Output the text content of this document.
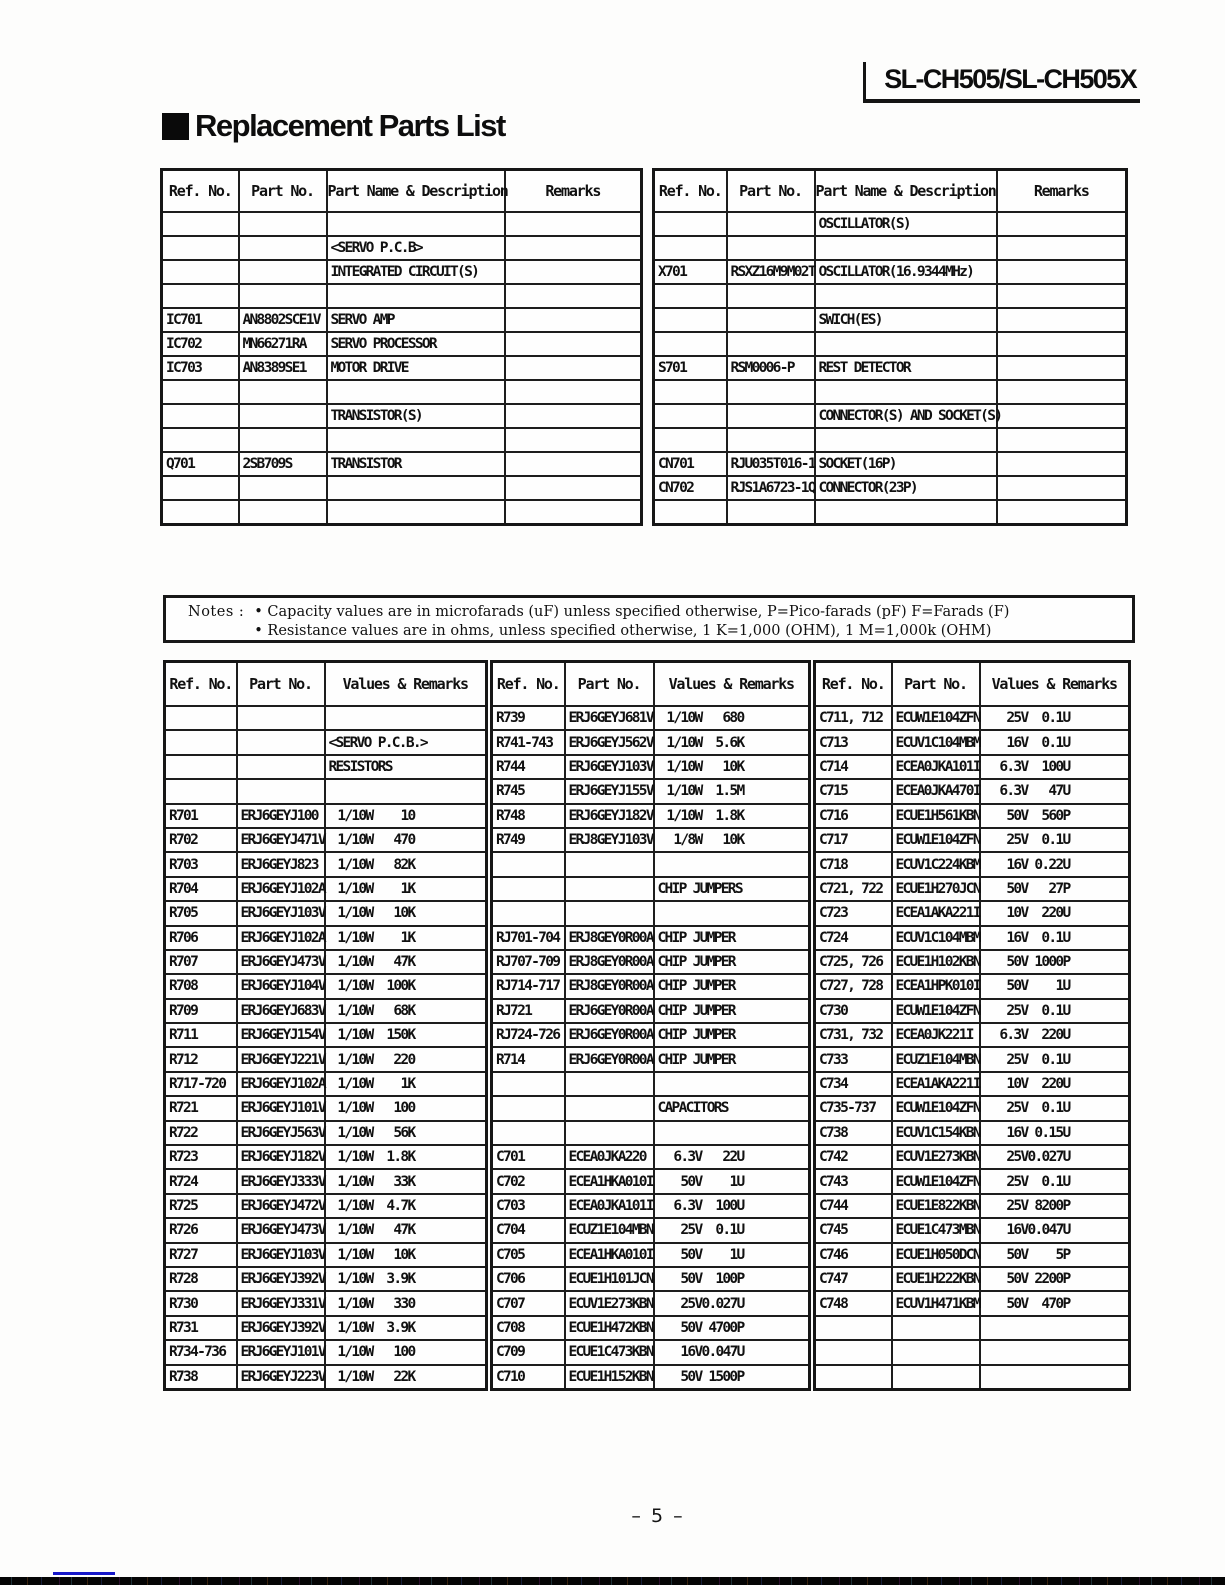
SL-CH505/SL-CH505X
Replacement Parts List
Ref. No.	Part No.	Part Name & Description	Remarks

		<SERVO P.C.B>	
		INTEGRATED CIRCUIT(S)	

IC701	AN8802SCE1V	SERVO AMP	
IC702	MN66271RA	SERVO PROCESSOR	
IC703	AN8389SE1	MOTOR DRIVE	

		TRANSISTOR(S)	

Q701	2SB709S	TRANSISTOR	

Ref. No.	Part No.	Part Name & Description	Remarks
		OSCILLATOR(S)	

X701	RSXZ16M9M02T	OSCILLATOR(16.9344MHz)	

		SWICH(ES)	

S701	RSM0006-P	REST DETECTOR	

		CONNECTOR(S) AND SOCKET(S)	

CN701	RJU035T016-1	SOCKET(16P)	
CN702	RJS1A6723-1Q	CONNECTOR(23P)	

Notes : • Capacity values are in microfarads (uF) unless specified otherwise, P=Pico-farads (pF) F=Farads (F)
• Resistance values are in ohms, unless specified otherwise, 1 K=1,000 (OHM), 1 M=1,000k (OHM)
Ref. No.	Part No.	Values & Remarks

		<SERVO P.C.B.>
		RESISTORS

R701	ERJ6GEYJ100	1/10W 10

R702	ERJ6GEYJ471V	1/10W 470

R703	ERJ6GEYJ823	1/10W 82K

R704	ERJ6GEYJ102A	1/10W 1K

R705	ERJ6GEYJ103V	1/10W 10K

R706	ERJ6GEYJ102A	1/10W 1K

R707	ERJ6GEYJ473V	1/10W 47K

R708	ERJ6GEYJ104V	1/10W 100K

R709	ERJ6GEYJ683V	1/10W 68K

R711	ERJ6GEYJ154V	1/10W 150K

R712	ERJ6GEYJ221V	1/10W 220

R717-720	ERJ6GEYJ102A	1/10W 1K

R721	ERJ6GEYJ101V	1/10W 100

R722	ERJ6GEYJ563V	1/10W 56K

R723	ERJ6GEYJ182V	1/10W 1.8K

R724	ERJ6GEYJ333V	1/10W 33K

R725	ERJ6GEYJ472V	1/10W 4.7K

R726	ERJ6GEYJ473V	1/10W 47K

R727	ERJ6GEYJ103V	1/10W 10K

R728	ERJ6GEYJ392V	1/10W 3.9K

R730	ERJ6GEYJ331V	1/10W 330

R731	ERJ6GEYJ392V	1/10W 3.9K

R734-736	ERJ6GEYJ101V	1/10W 100

R738	ERJ6GEYJ223V	1/10W 22K
Ref. No.	Part No.	Values & Remarks
R739	ERJ6GEYJ681V	1/10W 680

R741-743	ERJ6GEYJ562V	1/10W 5.6K

R744	ERJ6GEYJ103V	1/10W 10K

R745	ERJ6GEYJ155V	1/10W 1.5M

R748	ERJ6GEYJ182V	1/10W 1.8K

R749	ERJ8GEYJ103V	1/8W 10K

		CHIP JUMPERS

RJ701-704	ERJ8GEY0R00A	CHIP JUMPER
RJ707-709	ERJ8GEY0R00A	CHIP JUMPER
RJ714-717	ERJ8GEY0R00A	CHIP JUMPER
RJ721	ERJ6GEY0R00A	CHIP JUMPER
RJ724-726	ERJ6GEY0R00A	CHIP JUMPER
R714	ERJ6GEY0R00A	CHIP JUMPER

		CAPACITORS

C701	ECEA0JKA220	6.3V 22U

C702	ECEA1HKA010I	50V 1U

C703	ECEA0JKA101I	6.3V 100U

C704	ECUZ1E104MBN	25V 0.1U

C705	ECEA1HKA010I	50V 1U

C706	ECUE1H101JCN	50V 100P

C707	ECUV1E273KBN	25V 0.027U

C708	ECUE1H472KBN	50V 4700P

C709	ECUE1C473KBN	16V 0.047U

C710	ECUE1H152KBN	50V 1500P
Ref. No.	Part No.	Values & Remarks
C711, 712	ECUW1E104ZFN	25V 0.1U

C713	ECUV1C104MBM	16V 0.1U

C714	ECEA0JKA101I	6.3V 100U

C715	ECEA0JKA470I	6.3V 47U

C716	ECUE1H561KBN	50V 560P

C717	ECUW1E104ZFN	25V 0.1U

C718	ECUV1C224KBM	16V 0.22U

C721, 722	ECUE1H270JCN	50V 27P

C723	ECEA1AKA221I	10V 220U

C724	ECUV1C104MBM	16V 0.1U

C725, 726	ECUE1H102KBN	50V 1000P

C727, 728	ECEA1HPK010I	50V 1U

C730	ECUW1E104ZFN	25V 0.1U

C731, 732	ECEA0JK221I	6.3V 220U

C733	ECUZ1E104MBN	25V 0.1U

C734	ECEA1AKA221I	10V 220U

C735-737	ECUW1E104ZFN	25V 0.1U

C738	ECUV1C154KBN	16V 0.15U

C742	ECUV1E273KBN	25V 0.027U

C743	ECUW1E104ZFN	25V 0.1U

C744	ECUE1E822KBN	25V 8200P

C745	ECUE1C473MBN	16V 0.047U

C746	ECUE1H050DCN	50V 5P

C747	ECUE1H222KBN	50V 2200P

C748	ECUV1H471KBM	50V 470P

– 5 –
